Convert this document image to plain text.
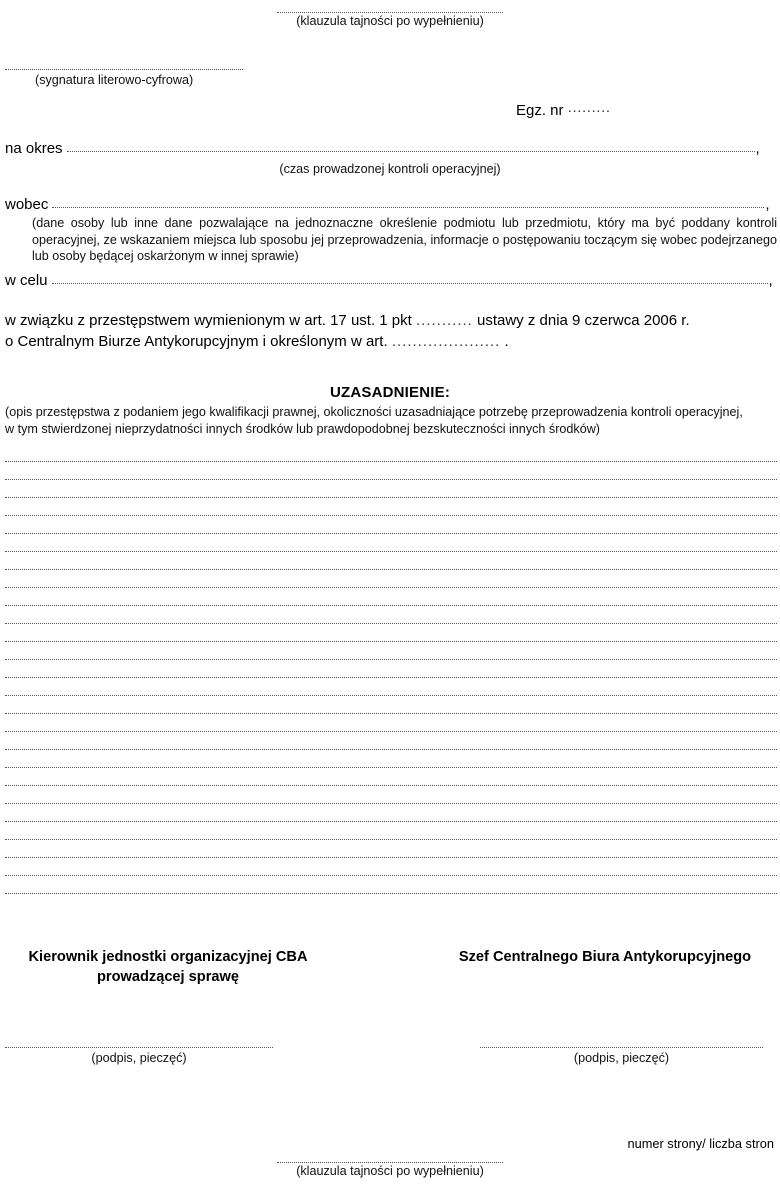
(klauzula tajności po wypełnieniu)
(sygnatura literowo-cyfrowa)
Egz. nr .........
na okres	,
(czas prowadzonej kontroli operacyjnej)
wobec	,
(dane osoby lub inne dane pozwalające na jednoznaczne określenie podmiotu lub przedmiotu, który ma być poddany kontroli operacyjnej, ze wskazaniem miejsca lub sposobu jej przeprowadzenia, informacje o postępowaniu toczącym się wobec podejrzanego lub osoby będącej oskarżonym w innej sprawie)
w celu	,
w związku z przestępstwem wymienionym w art. 17 ust. 1 pkt ........... ustawy z dnia 9 czerwca 2006 r.
o Centralnym Biurze Antykorupcyjnym i określonym w art. ..................... .
UZASADNIENIE:
(opis przestępstwa z podaniem jego kwalifikacji prawnej, okoliczności uzasadniające potrzebę przeprowadzenia kontroli operacyjnej,
w tym stwierdzonej nieprzydatności innych środków lub prawdopodobnej bezskuteczności innych środków)
Kierownik jednostki organizacyjnej CBA
prowadzącej sprawę
Szef Centralnego Biura Antykorupcyjnego
(podpis, pieczęć)	(podpis, pieczęć)
numer strony/ liczba stron
(klauzula tajności po wypełnieniu)
